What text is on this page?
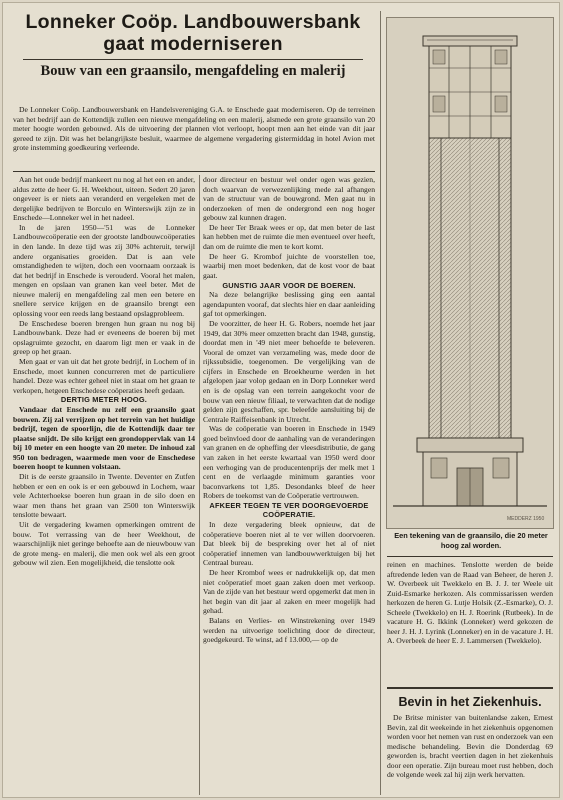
Lonneker Coöp. Landbouwersbank gaat moderniseren
Bouw van een graansilo, mengafdeling en malerij

De Lonneker Coöp. Landbouwersbank en Handelsvereniging G.A. te Enschede gaat moderniseren. Op de terreinen van het bedrijf aan de Kottendijk zullen een nieuwe mengafdeling en een malerij, alsmede een grote graansilo van 20 meter hoogte worden gebouwd. Als de uitvoering der plannen vlot verloopt, hoopt men aan het einde van dit jaar gereed te zijn. Dit was het belangrijkste besluit, waarmee de algemene vergadering gistermiddag in hotel Avion met grote instemming goedkeuring verleende.

Aan het oude bedrijf mankeert nu nog al het een en ander, aldus zette de heer G. H. Weekhout, uiteen. Sedert 20 jaren ongeveer is er niets aan veranderd en vergeleken met de dergelijke bedrijven te Borculo en Winterswijk zijn ze in Enschede—Lonneker wel in het nadeel.

In de jaren 1950—'51 was de Lonneker Landbouwcoöperatie een der grootste landbouwcoöperaties in den lande. In deze tijd was zij 30% achteruit, terwijl andere organisaties groeiden. Dat is aan vele omstandigheden te wijten, doch een voornaam oorzaak is dat het bedrijf in Enschede is verouderd. Vooral het malen, mengen en opslaan van granen kan veel beter. Met de nieuwe malerij en mengafdeling zal men een betere en snellere service krijgen en de graansilo brengt een oplossing voor een reeds lang bestaand opslagprobleem.

De Enschedese boeren brengen hun graan nu nog bij Landbouwbank. Deze had er eveneens de boeren bij met opslagruimte gezocht, en daarom ligt men er vaak in de greep op het graan.

Men gaat er van uit dat het grote bedrijf, in Lochem of in Enschede, moet kunnen concurreren met de particuliere handel. Deze was echter geheel niet in staat om het graan te verkopen, hetgeen Enschedese coöperaties heeft gedaan.

DERTIG METER HOOG.

Vandaar dat Enschede nu zelf een graansilo gaat bouwen. Zij zal verrijzen op het terrein van het huidige bedrijf, tegen de spoorlijn, die de Kottendijk daar ter plaatse snijdt. De silo krijgt een grondoppervlak van 14 bij 10 meter en een hoogte van 20 meter. De inhoud zal 950 ton bedragen, waarmede men voor de Enschedese boeren hoopt te kunnen volstaan.

Dit is de eerste graansilo in Twente. Deventer en Zutfen hebben er een en ook is er een gebouwd in Lochem, waar vele Achterhoekse boeren hun graan in de silo doen en waar men thans het graan van 2500 ton Winterswijk tenslotte bewaart.

Uit de vergadering kwamen opmerkingen omtrent de bouw. Tot verrassing van de heer Weekhout, de waarschijnlijk niet geringe behoefte aan de nieuwbouw van de grote meng- en malerij, die men ook wel als een groot gebouw wil zien. Een mogelijkheid, die tenslotte ook

door directeur en bestuur wel onder ogen was gezien, doch waarvan de verwezenlijking mede zal afhangen van de structuur van de bouwgrond. Men gaat nu in onderzoeken of men de ondergrond een nog hoger gebouw zal kunnen dragen.

De heer Ter Braak wees er op, dat men beter de last kan hebben met de ruimte die men eventueel over heeft, dan om de ruimte die men te kort komt.

De heer G. Krombof juichte de voorstellen toe, waarbij men moet bedenken, dat de kost voor de baat gaat.

GUNSTIG JAAR VOOR DE BOEREN.

Na deze belangrijke beslissing ging een aantal agendapunten vooraf, dat slechts hier en daar aanleiding gaf tot opmerkingen.

De voorzitter, de heer H. G. Robers, noemde het jaar 1949, dat 30% meer omzetten bracht dan 1948, gunstig, doordat men in '49 niet meer behoefde te beleveren. Vooral de omzet van verzameling was, mede door de rijkssubsidie, toegenomen. De vergelijking van de cijfers in Enschede en Broekheurne werden in het afgelopen jaar volop gedaan en in Dorp Lonneker werd en is de opslag van een terrein aangekocht voor de bouw van een nieuw filiaal, te verwachten dat de nodige gelden zijn geschaffen, spr. beleefde aansluiting bij de Centrale Raiffeisenbank in Utrecht.

Was de coöperatie van boeren in Enschede in 1949 goed beïnvloed door de aanhaling van de veranderingen van granen en de opheffing der vleesdistributie, de gang van zaken in het eerste kwartaal van 1950 werd door een verhoging van de producentenprijs der melk met 1 cent en de verlaagde minimum garanties voor baconvarkens tot 1,85. Desondanks bleef de heer Robers de toekomst van de Coöperatie vertrouwen.

AFKEER TEGEN TE VER DOORGEVOERDE COÖPERATIE.

In deze vergadering bleek opnieuw, dat de coöperatieve boeren niet al te ver willen doorvoeren. Dat bleek bij de bespreking over het al of niet coöperatief innemen van landbouwwerktuigen bij het Centraal bureau.

De heer Krombof wees er nadrukkelijk op, dat men niet coöperatief moet gaan zaken doen met verkoop. Van de zijde van het bestuur werd opgemerkt dat men in het begin van dit jaar al zaken en meer mogelijk had gehad.

Balans en Verlies- en Winstrekening over 1949 werden na uitvoerige toelichting door de directeur, goedgekeurd. Te winst, ad f 13.000,— op de

MEDDERZ 1950
Een tekening van de graansilo, die 20 meter hoog zal worden.

reinen en machines. Tenslotte werden de beide aftredende leden van de Raad van Beheer, de heren J. W. Overbeek uit Twekkelo en B. J. J. ter Weele uit Zuid-Esmarke herkozen. Als commissarissen werden herkozen de heren G. Lutje Holsik (Z.-Esmarke), O. J. Scheele (Twekkelo) en H. J. Roerink (Rutbeek). In de vacature H. G. Ikkink (Lonneker) werd gekozen de heer J. H. J. Lyrink (Lonneker) en in de vacature J. H. A. Overbeek de heer E. J. Lammersen (Twekkelo).

Bevin in het Ziekenhuis.

De Britse minister van buitenlandse zaken, Ernest Bevin, zal dit weekeinde in het ziekenhuis opgenomen worden voor het nemen van rust en onderzoek van een medische behandeling. Bevin die Donderdag 69 geworden is, bracht veertien dagen in het ziekenhuis door een operatie. Zijn bureau moet rust hebben, doch de volgende week zal hij zijn werk hervatten.
